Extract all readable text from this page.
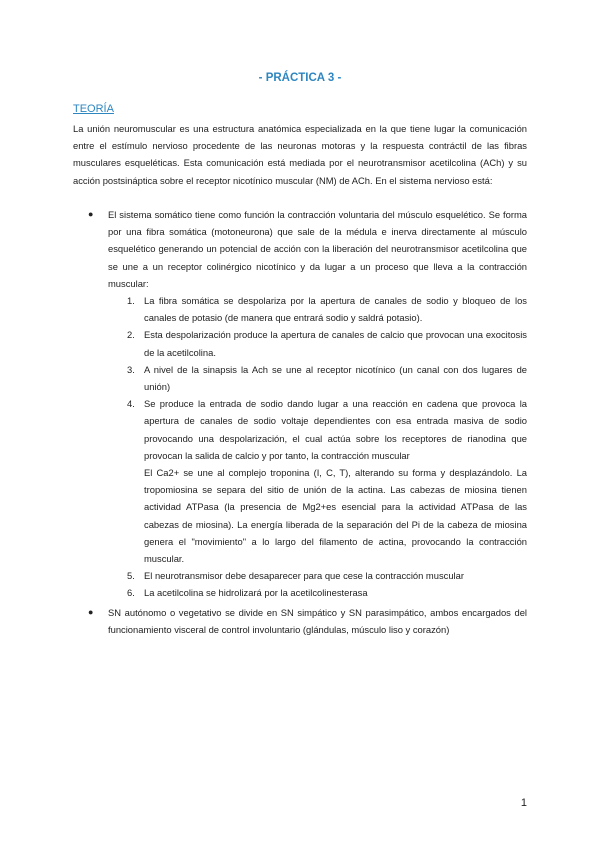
- PRÁCTICA 3 -
TEORÍA
La unión neuromuscular es una estructura anatómica especializada en la que tiene lugar la comunicación entre el estímulo nervioso procedente de las neuronas motoras y la respuesta contráctil de las fibras musculares esqueléticas. Esta comunicación está mediada por el neurotransmisor acetilcolina (ACh) y su acción postsináptica sobre el receptor nicotínico muscular (NM) de ACh. En el sistema nervioso está:
● El sistema somático tiene como función la contracción voluntaria del músculo esquelético. Se forma por una fibra somática (motoneurona) que sale de la médula e inerva directamente al músculo esquelético generando un potencial de acción con la liberación del neurotransmisor acetilcolina que se une a un receptor colinérgico nicotínico y da lugar a un proceso que lleva a la contracción muscular:
1. La fibra somática se despolariza por la apertura de canales de sodio y bloqueo de los canales de potasio (de manera que entrará sodio y saldrá potasio).
2. Esta despolarización produce la apertura de canales de calcio que provocan una exocitosis de la acetilcolina.
3. A nivel de la sinapsis la Ach se une al receptor nicotínico (un canal con dos lugares de unión)
4. Se produce la entrada de sodio dando lugar a una reacción en cadena que provoca la apertura de canales de sodio voltaje dependientes con esa entrada masiva de sodio provocando una despolarización, el cual actúa sobre los receptores de rianodina que provocan la salida de calcio y por tanto, la contracción muscular
El Ca2+ se une al complejo troponina (I, C, T), alterando su forma y desplazándolo. La tropomiosina se separa del sitio de unión de la actina. Las cabezas de miosina tienen actividad ATPasa (la presencia de Mg2+es esencial para la actividad ATPasa de las cabezas de miosina). La energía liberada de la separación del Pi de la cabeza de miosina genera el "movimiento" a lo largo del filamento de actina, provocando la contracción muscular.
5. El neurotransmisor debe desaparecer para que cese la contracción muscular
6. La acetilcolina se hidrolizará por la acetilcolinesterasa
● SN autónomo o vegetativo se divide en SN simpático y SN parasimpático, ambos encargados del funcionamiento visceral de control involuntario (glándulas, músculo liso y corazón)
1
